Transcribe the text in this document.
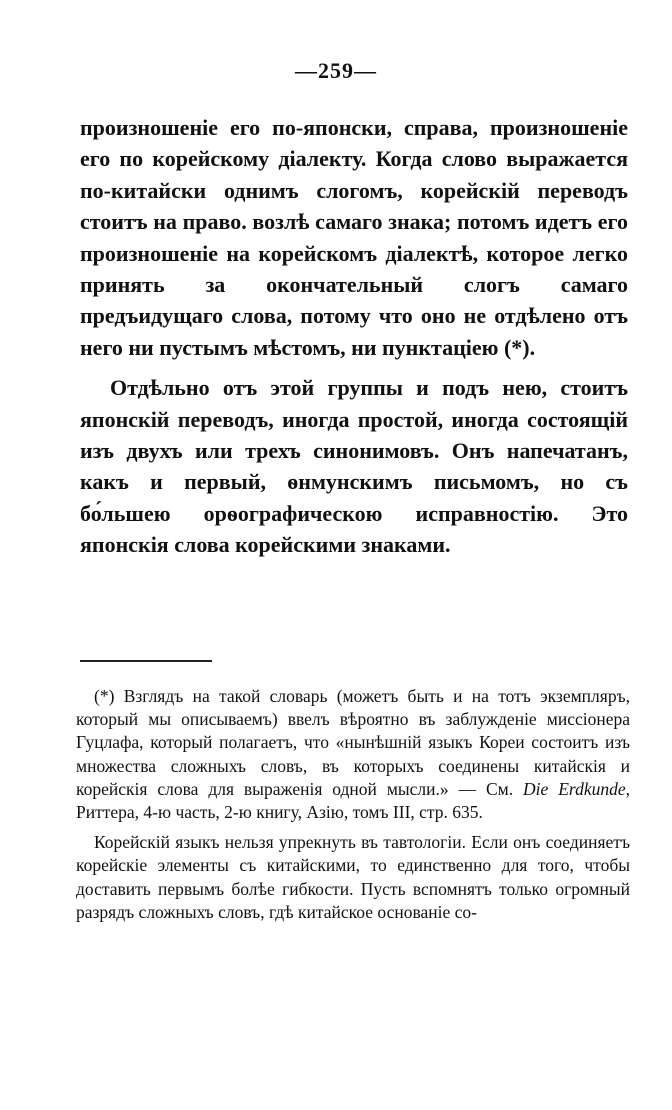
—259—

произношеніе его по-японски, справа, произношеніе его по корейскому діалекту. Когда слово выражается по-китайски однимъ слогомъ, корейскій переводъ стоитъ на право. возлѣ самаго знака; потомъ идетъ его произношеніе на корейскомъ діалектѣ, которое легко принять за окончательный слогъ самаго предъидущаго слова, потому что оно не отдѣлено отъ него ни пустымъ мѣстомъ, ни пунктаціею (*).

Отдѣльно отъ этой группы и подъ нею, стоитъ японскій переводъ, иногда простой, иногда состоящій изъ двухъ или трехъ синонимовъ. Онъ напечатанъ, какъ и первый, ѳнмунскимъ письмомъ, но съ бо́льшею орѳографическою исправностію. Это японскія слова корейскими знаками.

(*) Взглядъ на такой словарь (можетъ быть и на тотъ экземпляръ, который мы описываемъ) ввелъ вѣроятно въ заблужденіе миссіонера Гуцлафа, который полагаетъ, что «нынѣшній языкъ Кореи состоитъ изъ множества сложныхъ словъ, въ которыхъ соединены китайскія и корейскія слова для выраженія одной мысли.» — См. Die Erdkunde, Риттера, 4-ю часть, 2-ю книгу, Азію, томъ III, стр. 635.

Корейскій языкъ нельзя упрекнуть въ тавтологіи. Если онъ соединяетъ корейскіе элементы съ китайскими, то единственно для того, чтобы доставить первымъ болѣе гибкости. Пусть вспомнятъ только огромный разрядъ сложныхъ словъ, гдѣ китайское основаніе со-
